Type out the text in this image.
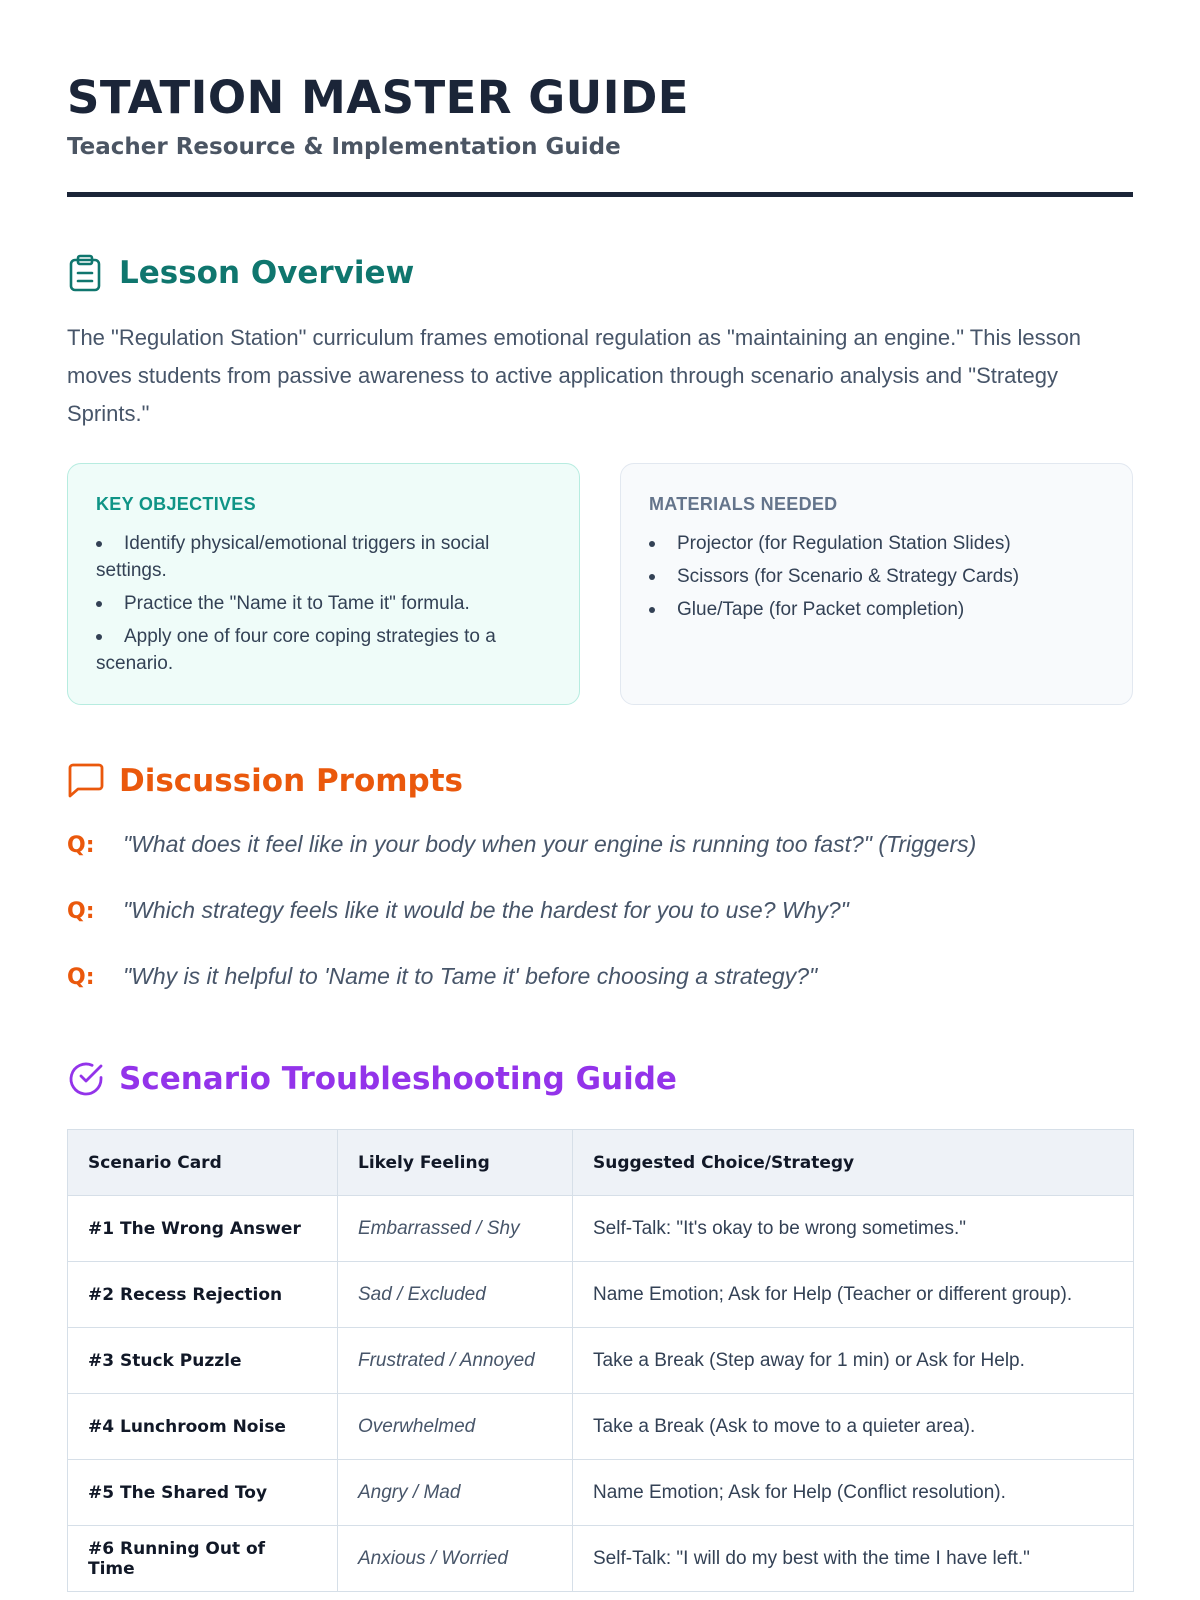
STATION MASTER GUIDE
Teacher Resource & Implementation Guide
Lesson Overview
The "Regulation Station" curriculum frames emotional regulation as "maintaining an engine." This lesson moves students from passive awareness to active application through scenario analysis and "Strategy Sprints."
KEY OBJECTIVES
Identify physical/emotional triggers in social settings.
Practice the "Name it to Tame it" formula.
Apply one of four core coping strategies to a scenario.
MATERIALS NEEDED
Projector (for Regulation Station Slides)
Scissors (for Scenario & Strategy Cards)
Glue/Tape (for Packet completion)
Discussion Prompts
Q:	"What does it feel like in your body when your engine is running too fast?" (Triggers)
Q:	"Which strategy feels like it would be the hardest for you to use? Why?"
Q:	"Why is it helpful to 'Name it to Tame it' before choosing a strategy?"
Scenario Troubleshooting Guide
Scenario Card	Likely Feeling	Suggested Choice/Strategy
#1 The Wrong Answer	Embarrassed / Shy	Self-Talk: "It's okay to be wrong sometimes."
#2 Recess Rejection	Sad / Excluded	Name Emotion; Ask for Help (Teacher or different group).
#3 Stuck Puzzle	Frustrated / Annoyed	Take a Break (Step away for 1 min) or Ask for Help.
#4 Lunchroom Noise	Overwhelmed	Take a Break (Ask to move to a quieter area).
#5 The Shared Toy	Angry / Mad	Name Emotion; Ask for Help (Conflict resolution).
#6 Running Out of Time	Anxious / Worried	Self-Talk: "I will do my best with the time I have left."
